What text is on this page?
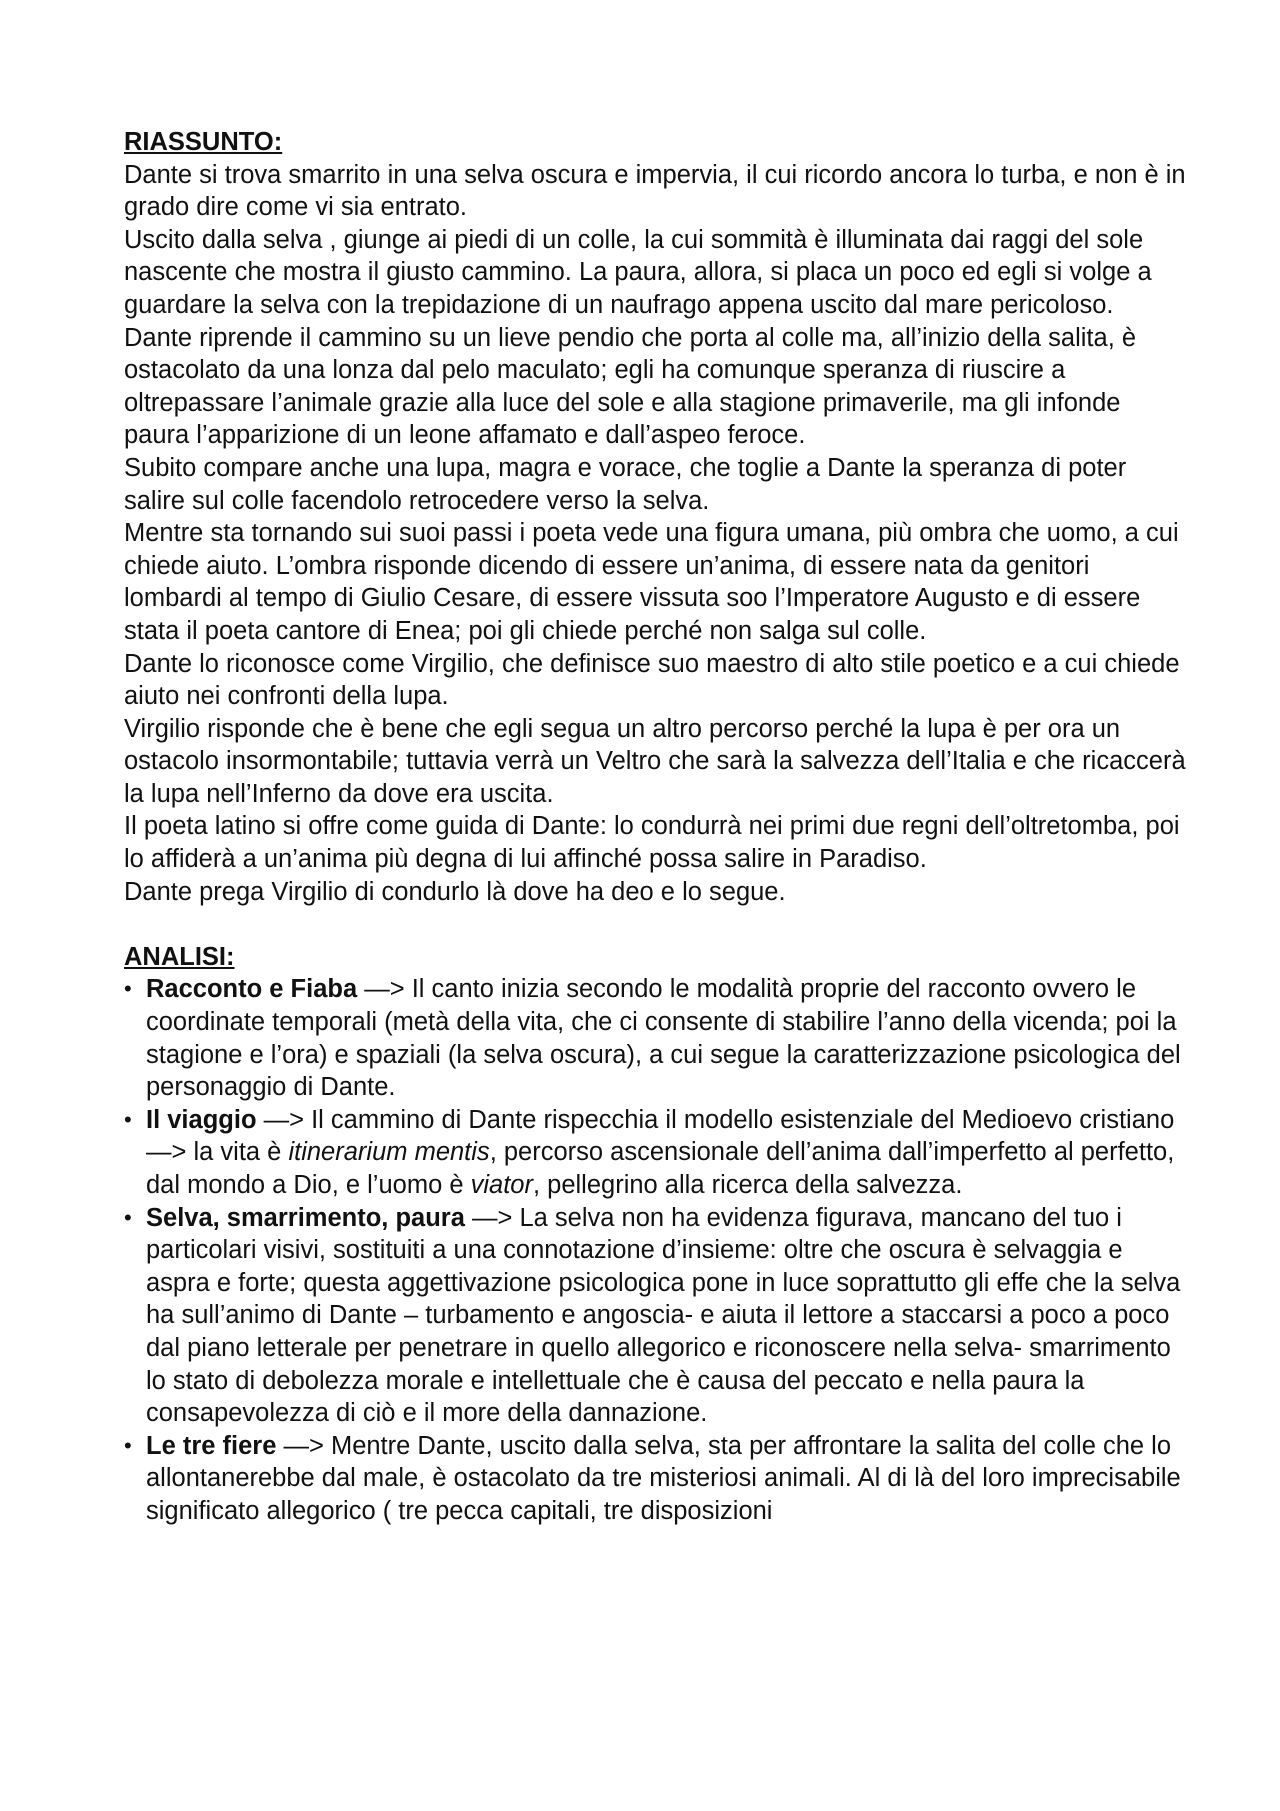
RIASSUNTO:

Dante si trova smarrito in una selva oscura e impervia, il cui ricordo ancora lo turba, e non è in grado dire come vi sia entrato.

Uscito dalla selva , giunge ai piedi di un colle, la cui sommità è illuminata dai raggi del sole nascente che mostra il giusto cammino. La paura, allora, si placa un poco ed egli si volge a guardare la selva con la trepidazione di un naufrago appena uscito dal mare pericoloso.

Dante riprende il cammino su un lieve pendio che porta al colle ma, all’inizio della salita, è ostacolato da una lonza dal pelo maculato; egli ha comunque speranza di riuscire a oltrepassare l’animale grazie alla luce del sole e alla stagione primaverile, ma gli infonde paura l’apparizione di un leone affamato e dall’aspeo feroce.

Subito compare anche una lupa, magra e vorace, che toglie a Dante la speranza di poter salire sul colle facendolo retrocedere verso la selva.

Mentre sta tornando sui suoi passi i poeta vede una figura umana, più ombra che uomo, a cui chiede aiuto. L’ombra risponde dicendo di essere un’anima, di essere nata da genitori lombardi al tempo di Giulio Cesare, di essere vissuta soo l’Imperatore Augusto e di essere stata il poeta cantore di Enea; poi gli chiede perché non salga sul colle.

Dante lo riconosce come Virgilio, che definisce suo maestro di alto stile poetico e a cui chiede aiuto nei confronti della lupa.

Virgilio risponde che è bene che egli segua un altro percorso perché la lupa è per ora un ostacolo insormontabile; tuttavia verrà un Veltro che sarà la salvezza dell’Italia e che ricaccerà la lupa nell’Inferno da dove era uscita.

Il poeta latino si offre come guida di Dante: lo condurrà nei primi due regni dell’oltretomba, poi lo affiderà a un’anima più degna di lui affinché possa salire in Paradiso.

Dante prega Virgilio di condurlo là dove ha deo e lo segue.

ANALISI:

• Racconto e Fiaba —> Il canto inizia secondo le modalità proprie del racconto ovvero le coordinate temporali (metà della vita, che ci consente di stabilire l’anno della vicenda; poi la stagione e l’ora) e spaziali (la selva oscura), a cui segue la caratterizzazione psicologica del personaggio di Dante.
• Il viaggio —> Il cammino di Dante rispecchia il modello esistenziale del Medioevo cristiano —> la vita è itinerarium mentis, percorso ascensionale dell’anima dall’imperfetto al perfetto, dal mondo a Dio, e l’uomo è viator, pellegrino alla ricerca della salvezza.
• Selva, smarrimento, paura —> La selva non ha evidenza figurava, mancano del tuo i particolari visivi, sostituiti a una connotazione d’insieme: oltre che oscura è selvaggia e aspra e forte; questa aggettivazione psicologica pone in luce soprattutto gli effe che la selva ha sull’animo di Dante – turbamento e angoscia- e aiuta il lettore a staccarsi a poco a poco dal piano letterale per penetrare in quello allegorico e riconoscere nella selva- smarrimento lo stato di debolezza morale e intellettuale che è causa del peccato e nella paura la consapevolezza di ciò e il more della dannazione.
• Le tre fiere —> Mentre Dante, uscito dalla selva, sta per affrontare la salita del colle che lo allontanerebbe dal male, è ostacolato da tre misteriosi animali. Al di là del loro imprecisabile significato allegorico ( tre pecca capitali, tre disposizioni
